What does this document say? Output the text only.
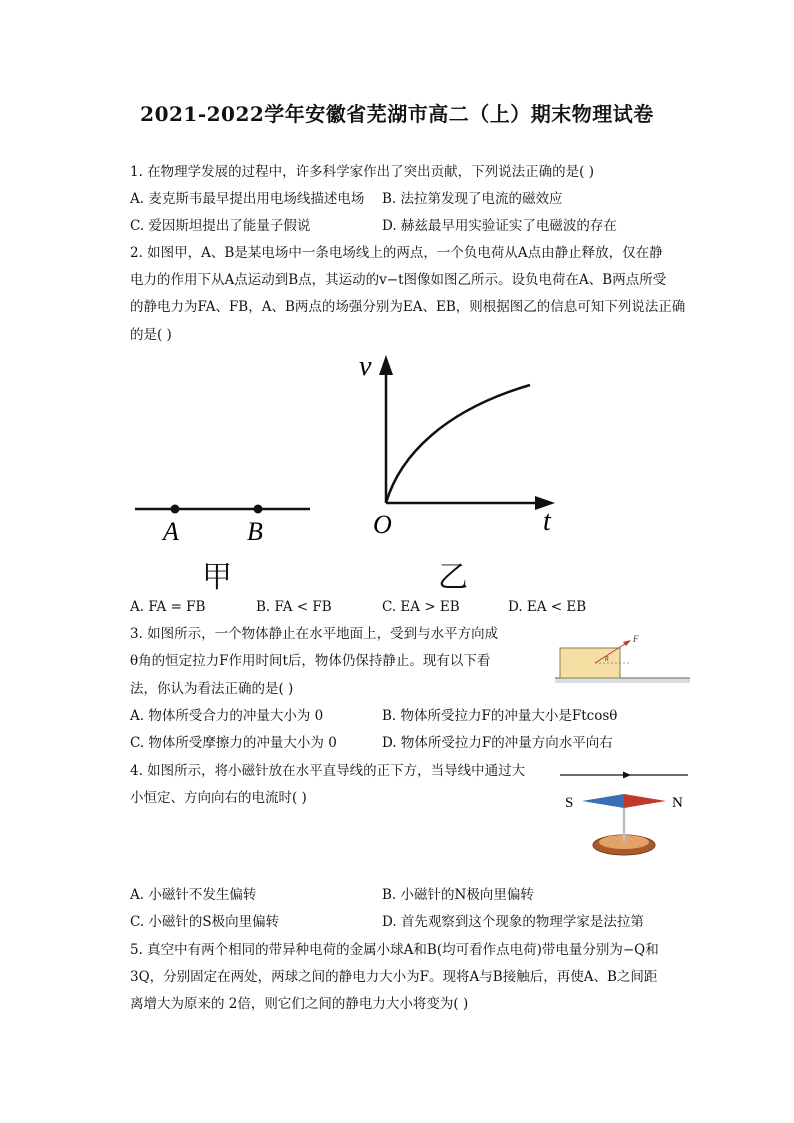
2021-2022学年安徽省芜湖市高二（上）期末物理试卷
1. 在物理学发展的过程中，许多科学家作出了突出贡献，下列说法正确的是( )
A. 麦克斯韦最早提出用电场线描述电场 B. 法拉第发现了电流的磁效应
C. 爱因斯坦提出了能量子假说	D. 赫兹最早用实验证实了电磁波的存在
2. 如图甲，A、B是某电场中一条电场线上的两点，一个负电荷从A点由静止释放，仅在静
电力的作用下从A点运动到B点，其运动的v−t图像如图乙所示。设负电荷在A、B两点所受
的静电力为FA、FB，A、B两点的场强分别为EA、EB，则根据图乙的信息可知下列说法正确
的是( )
A	B
甲
v
t
O
乙
A. FA = FB	B. FA < FB	C. EA > EB	D. EA < EB
3. 如图所示，一个物体静止在水平地面上，受到与水平方向成
θ角的恒定拉力F作用时间t后，物体仍保持静止。现有以下看
法，你认为看法正确的是( )
F
θ
A. 物体所受合力的冲量大小为 0	B. 物体所受拉力F的冲量大小是Ftcosθ
C. 物体所受摩擦力的冲量大小为 0	D. 物体所受拉力F的冲量方向水平向右
4. 如图所示，将小磁针放在水平直导线的正下方，当导线中通过大
小恒定、方向向右的电流时( )	S	N
A. 小磁针不发生偏转	B. 小磁针的N极向里偏转
C. 小磁针的S极向里偏转	D. 首先观察到这个现象的物理学家是法拉第
5. 真空中有两个相同的带异种电荷的金属小球A和B(均可看作点电荷)带电量分别为−Q和
3Q，分别固定在两处，两球之间的静电力大小为F。现将A与B接触后，再使A、B之间距
离增大为原来的 2倍，则它们之间的静电力大小将变为( )
